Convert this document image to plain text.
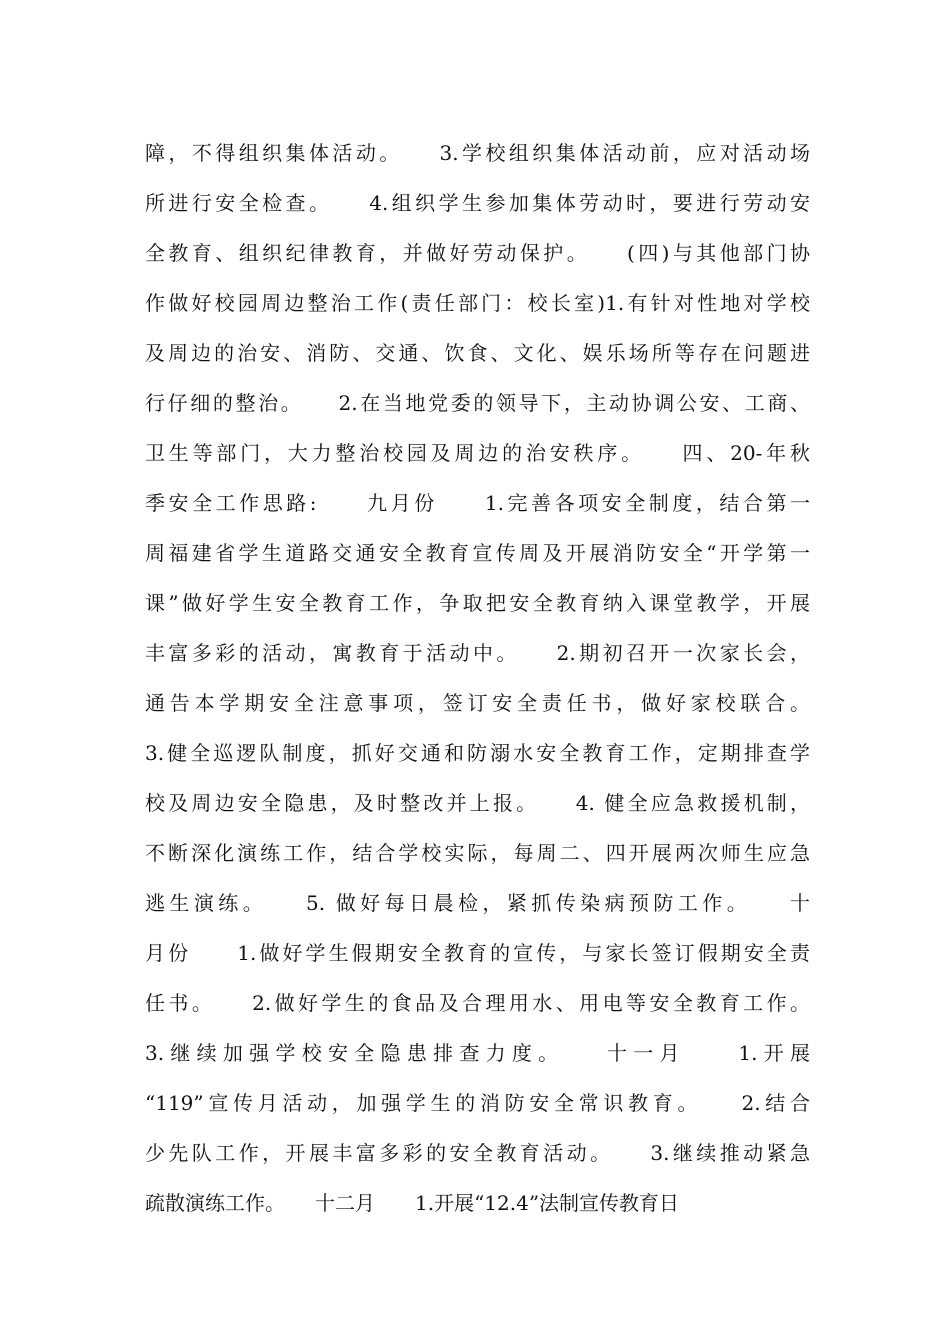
障，不得组织集体活动。　　3.学校组织集体活动前，应对活动场
所进行安全检查。　　4.组织学生参加集体劳动时，要进行劳动安
全教育、组织纪律教育，并做好劳动保护。　　(四)与其他部门协
作做好校园周边整治工作(责任部门：校长室)1.有针对性地对学校
及周边的治安、消防、交通、饮食、文化、娱乐场所等存在问题进
行仔细的整治。　　2.在当地党委的领导下，主动协调公安、工商、
卫生等部门，大力整治校园及周边的治安秩序。　　四、20-年秋
季安全工作思路:　　九月份　　1.完善各项安全制度，结合第一
周福建省学生道路交通安全教育宣传周及开展消防安全“开学第一
课”做好学生安全教育工作，争取把安全教育纳入课堂教学，开展
丰富多彩的活动，寓教育于活动中。　　2.期初召开一次家长会，
通告本学期安全注意事项，签订安全责任书，做好家校联合。
3.健全巡逻队制度，抓好交通和防溺水安全教育工作，定期排查学
校及周边安全隐患，及时整改并上报。　　4. 健全应急救援机制，
不断深化演练工作，结合学校实际，每周二、四开展两次师生应急
逃生演练。　　5. 做好每日晨检，紧抓传染病预防工作。　　十
月份　　1.做好学生假期安全教育的宣传，与家长签订假期安全责
任书。　　2.做好学生的食品及合理用水、用电等安全教育工作。
3.继续加强学校安全隐患排查力度。　　十一月　　1.开展
“119”宣传月活动，加强学生的消防安全常识教育。　　2.结合
少先队工作，开展丰富多彩的安全教育活动。　　3.继续推动紧急
疏散演练工作。　　十二月　　1.开展“12.4”法制宣传教育日
